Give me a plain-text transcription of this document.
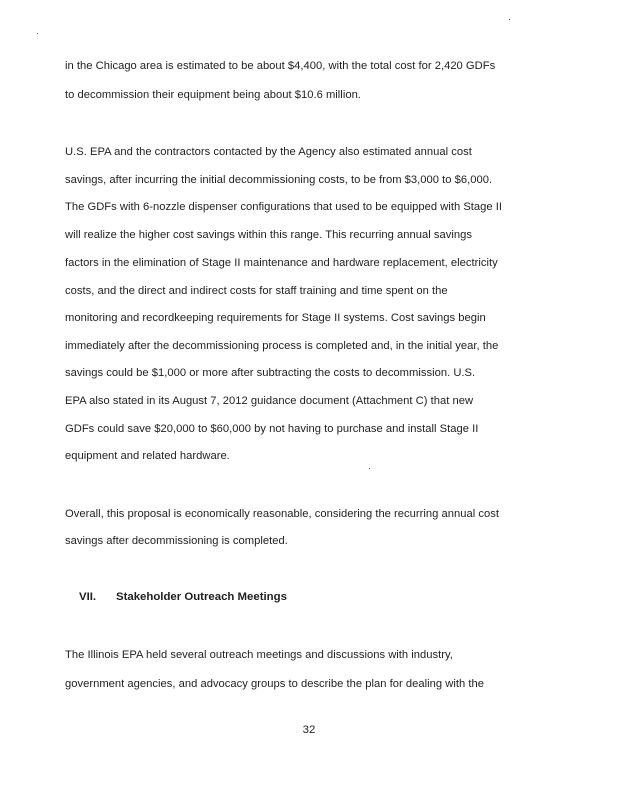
in the Chicago area is estimated to be about $4,400, with the total cost for 2,420 GDFs
to decommission their equipment being about $10.6 million.
U.S. EPA and the contractors contacted by the Agency also estimated annual cost
savings, after incurring the initial decommissioning costs, to be from $3,000 to $6,000.
The GDFs with 6-nozzle dispenser configurations that used to be equipped with Stage II
will realize the higher cost savings within this range. This recurring annual savings
factors in the elimination of Stage II maintenance and hardware replacement, electricity
costs, and the direct and indirect costs for staff training and time spent on the
monitoring and recordkeeping requirements for Stage II systems. Cost savings begin
immediately after the decommissioning process is completed and, in the initial year, the
savings could be $1,000 or more after subtracting the costs to decommission. U.S.
EPA also stated in its August 7, 2012 guidance document (Attachment C) that new
GDFs could save $20,000 to $60,000 by not having to purchase and install Stage II
equipment and related hardware.
Overall, this proposal is economically reasonable, considering the recurring annual cost
savings after decommissioning is completed.
VII. Stakeholder Outreach Meetings
The Illinois EPA held several outreach meetings and discussions with industry,
government agencies, and advocacy groups to describe the plan for dealing with the
32
